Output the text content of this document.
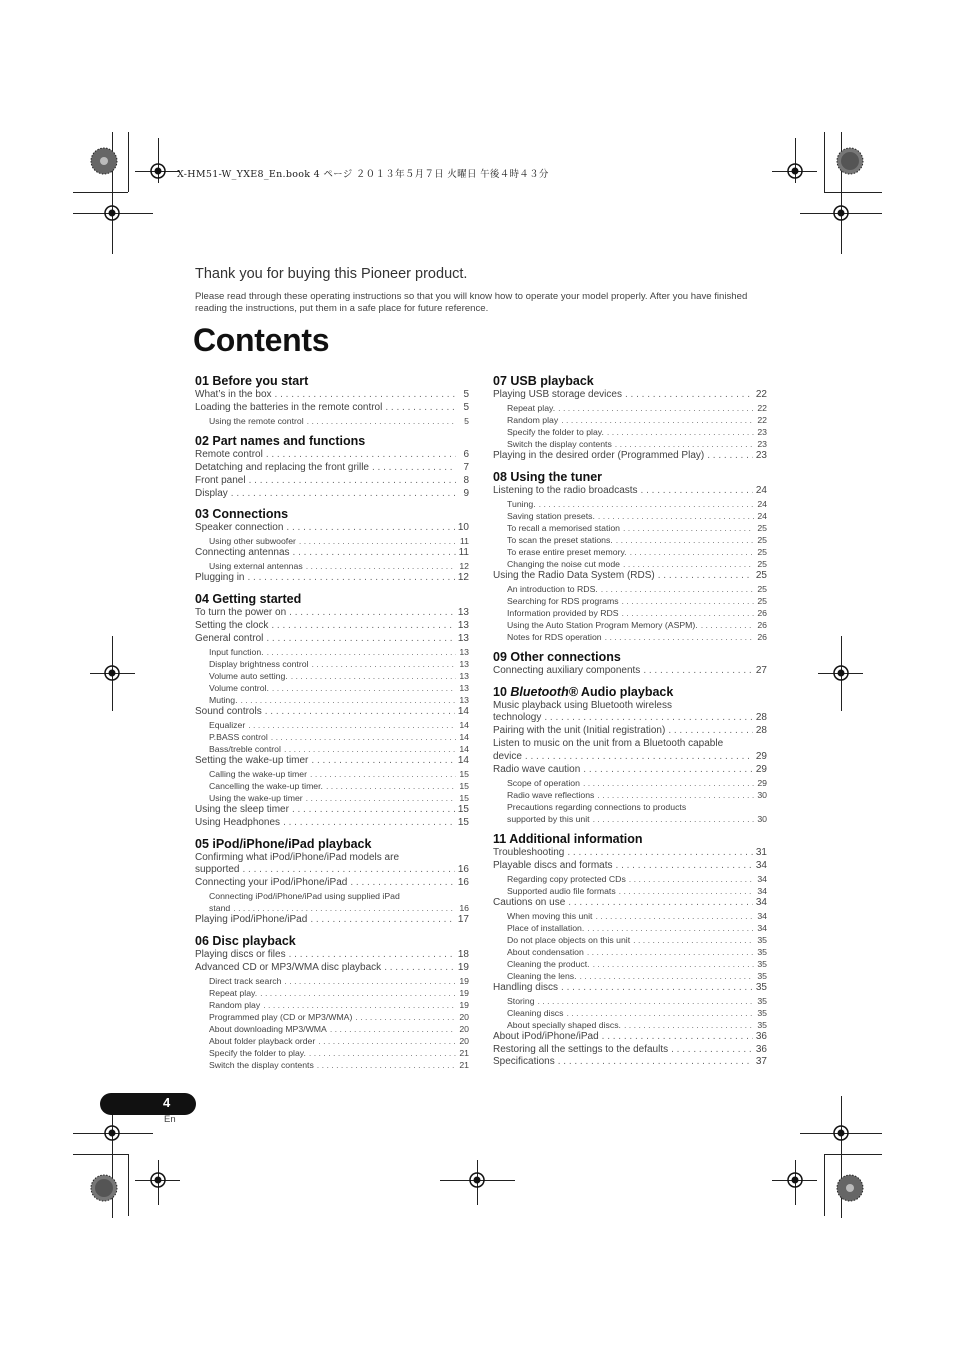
X-HM51-W_YXE8_En.book 4 ページ ２０１３年５月７日 火曜日 午後４時４３分
Thank you for buying this Pioneer product.
Please read through these operating instructions so that you will know how to operate your model properly. After you have finished reading the instructions, put them in a safe place for future reference.
Contents
01 Before you start
What’s in the box . . .	5
Loading the batteries in the remote control . . .	5
Using the remote control . . .	5
02 Part names and functions
Remote control . . .	6
Detatching and replacing the front grille . . .	7
Front panel . . .	8
Display . . .	9
03 Connections
Speaker connection . . .	10
Using other subwoofer . . .	11
Connecting antennas . . .	11
Using external antennas . . .	12
Plugging in . . .	12
04 Getting started
To turn the power on . . .	13
Setting the clock . . .	13
General control . . .	13
Input function. . . .	13
Display brightness control . . .	13
Volume auto setting. . . .	13
Volume control. . . .	13
Muting. . . .	13
Sound controls . . .	14
Equalizer . . .	14
P.BASS control . . .	14
Bass/treble control . . .	14
Setting the wake-up timer . . .	14
Calling the wake-up timer . . .	15
Cancelling the wake-up timer. . . .	15
Using the wake-up timer . . .	15
Using the sleep timer . . .	15
Using Headphones . . .	15
05 iPod/iPhone/iPad playback
Confirming what iPod/iPhone/iPad models are
supported . . .	16
Connecting your iPod/iPhone/iPad . . .	16
Connecting iPod/iPhone/iPad using supplied iPad
stand . . .	16
Playing iPod/iPhone/iPad . . .	17
06 Disc playback
Playing discs or files . . .	18
Advanced CD or MP3/WMA disc playback . . .	19
Direct track search . . .	19
Repeat play. . . .	19
Random play . . .	19
Programmed play (CD or MP3/WMA) . . .	20
About downloading MP3/WMA . . .	20
About folder playback order . . .	20
Specify the folder to play. . . .	21
Switch the display contents . . .	21
07 USB playback
Playing USB storage devices . . .	22
Repeat play. . . .	22
Random play . . .	22
Specify the folder to play. . . .	23
Switch the display contents . . .	23
Playing in the desired order (Programmed Play) . . .	23
08 Using the tuner
Listening to the radio broadcasts . . .	24
Tuning. . . .	24
Saving station presets. . . .	24
To recall a memorised station . . .	25
To scan the preset stations. . . .	25
To erase entire preset memory. . . .	25
Changing the noise cut mode . . .	25
Using the Radio Data System (RDS) . . .	25
An introduction to RDS. . . .	25
Searching for RDS programs . . .	25
Information provided by RDS . . .	26
Using the Auto Station Program Memory (ASPM). . . .	26
Notes for RDS operation . . .	26
09 Other connections
Connecting auxiliary components . . .	27
10 Bluetooth® Audio playback
Music playback using Bluetooth wireless
technology . . .	28
Pairing with the unit (Initial registration) . . .	28
Listen to music on the unit from a Bluetooth capable
device . . .	29
Radio wave caution . . .	29
Scope of operation . . .	29
Radio wave reflections . . .	30
Precautions regarding connections to products
supported by this unit . . .	30
11 Additional information
Troubleshooting . . .	31
Playable discs and formats . . .	34
Regarding copy protected CDs . . .	34
Supported audio file formats . . .	34
Cautions on use . . .	34
When moving this unit . . .	34
Place of installation. . . .	34
Do not place objects on this unit . . .	35
About condensation . . .	35
Cleaning the product. . . .	35
Cleaning the lens. . . .	35
Handling discs . . .	35
Storing . . .	35
Cleaning discs . . .	35
About specially shaped discs. . . .	35
About iPod/iPhone/iPad . . .	36
Restoring all the settings to the defaults . . .	36
Specifications . . .	37
4
En
